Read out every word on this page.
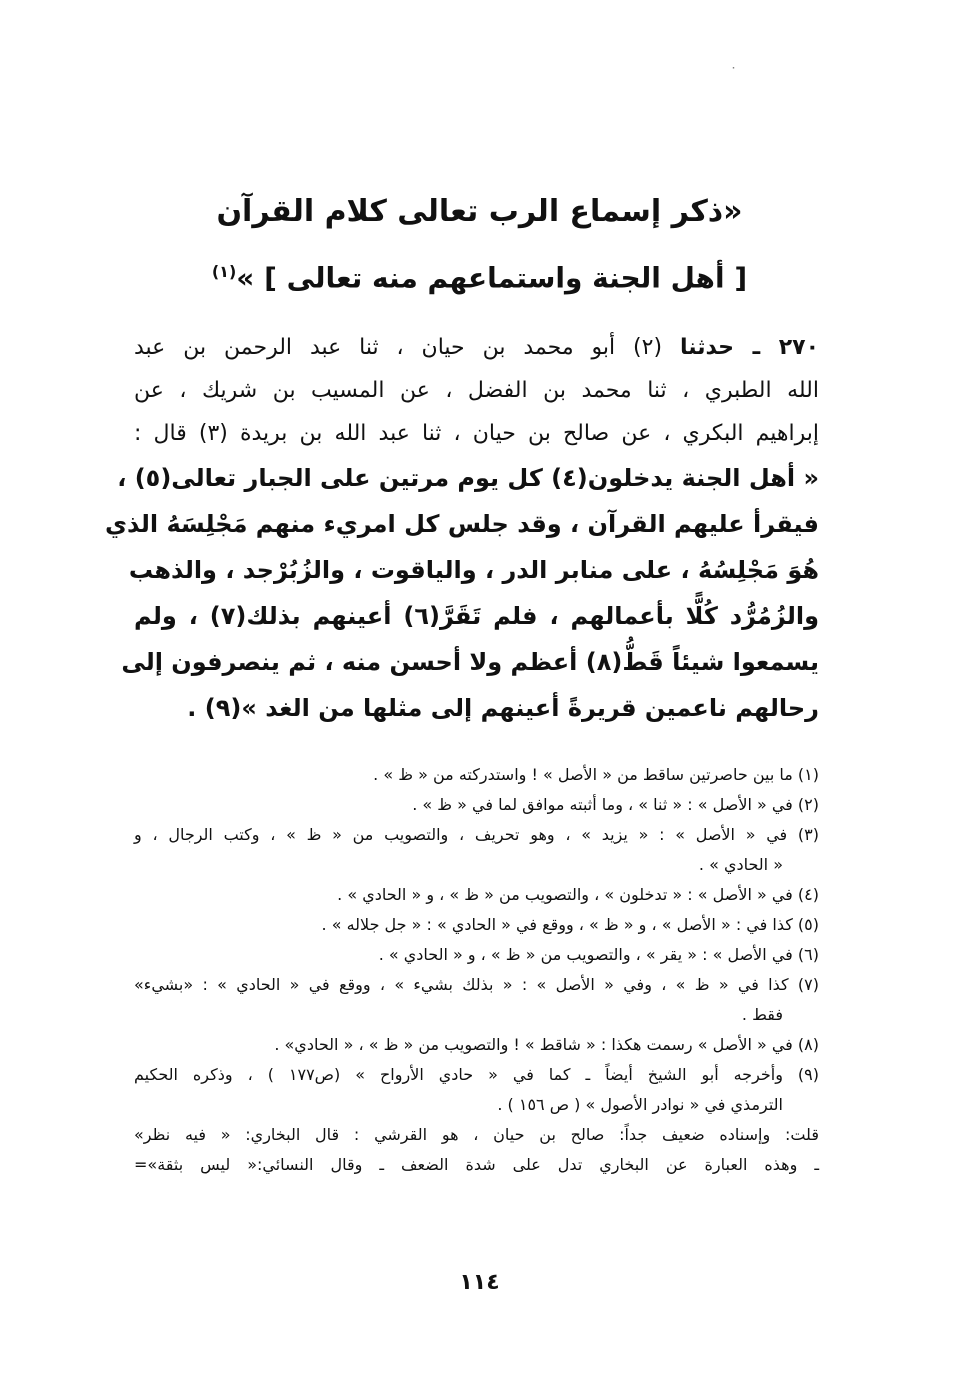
˙
«ذكر إسماع الرب تعالى كلام القرآن
[ أهل الجنة واستماعهم منه تعالى ] »$^{(١)}$
٢٧٠ ـ حدثنا (٢) أبو محمد بن حيان ، ثنا عبد الرحمن بن عبد
الله الطبري ، ثنا محمد بن الفضل ، عن المسيب بن شريك ، عن
إبراهيم البكري ، عن صالح بن حيان ، ثنا عبد الله بن بريدة (٣) قال :
« أهل الجنة يدخلون(٤) كل يوم مرتين على الجبار تعالى(٥) ،
فيقرأ عليهم القرآن ، وقد جلس كل امريء منهم مَجْلِسَهُ الذي
هُوَ مَجْلِسُهُ ، على منابر الدر ، والياقوت ، والزُبُرْجد ، والذهب
والزُمُرُّد كُلًّا بأعمالهم ، فلم تَقَرَّ(٦) أعينهم بذلك(٧) ، ولم
يسمعوا شيئاً قَطُّ(٨) أعظم ولا أحسن منه ، ثم ينصرفون إلى
رحالهم ناعمين قريرةً أعينهم إلى مثلها من الغد »(٩) .
(١) ما بين حاصرتين ساقط من « الأصل » ! واستدركته من « ظ » .
(٢) في « الأصل » : « ثنا » ، وما أثبته موافق لما في « ظ » .
(٣) في « الأصل » : « يزيد » ، وهو تحريف ، والتصويب من « ظ » ، وكتب الرجال ، و
« الحادي » .
(٤) في « الأصل » : « تدخلون » ، والتصويب من « ظ » ، و « الحادي » .
(٥) كذا في : « الأصل » ، و « ظ » ، ووقع في « الحادي » : « جل جلاله » .
(٦) في الأصل » : « يقر » ، والتصويب من « ظ » ، و « الحادي » .
(٧) كذا في « ظ » ، وفي « الأصل » : « بذلك بشيء » ، ووقع في « الحادي » : «بشيء»
فقط .
(٨) في « الأصل » رسمت هكذا : « شاقط » ! والتصويب من « ظ » ، « الحادي» .
(٩) وأخرجه أبو الشيخ أيضاً ـ كما في « حادي الأرواح » (ص١٧٧ ) ، وذكره الحكيم
الترمذي في « نوادر الأصول » ( ص ١٥٦ ) .
قلت: وإسناده ضعيف جداً: صالح بن حيان ، هو القرشي : قال البخاري: « فيه نظر»
ـ وهذه العبارة عن البخاري تدل على شدة الضعف ـ وقال النسائي:« ليس بثقة»=
١١٤
